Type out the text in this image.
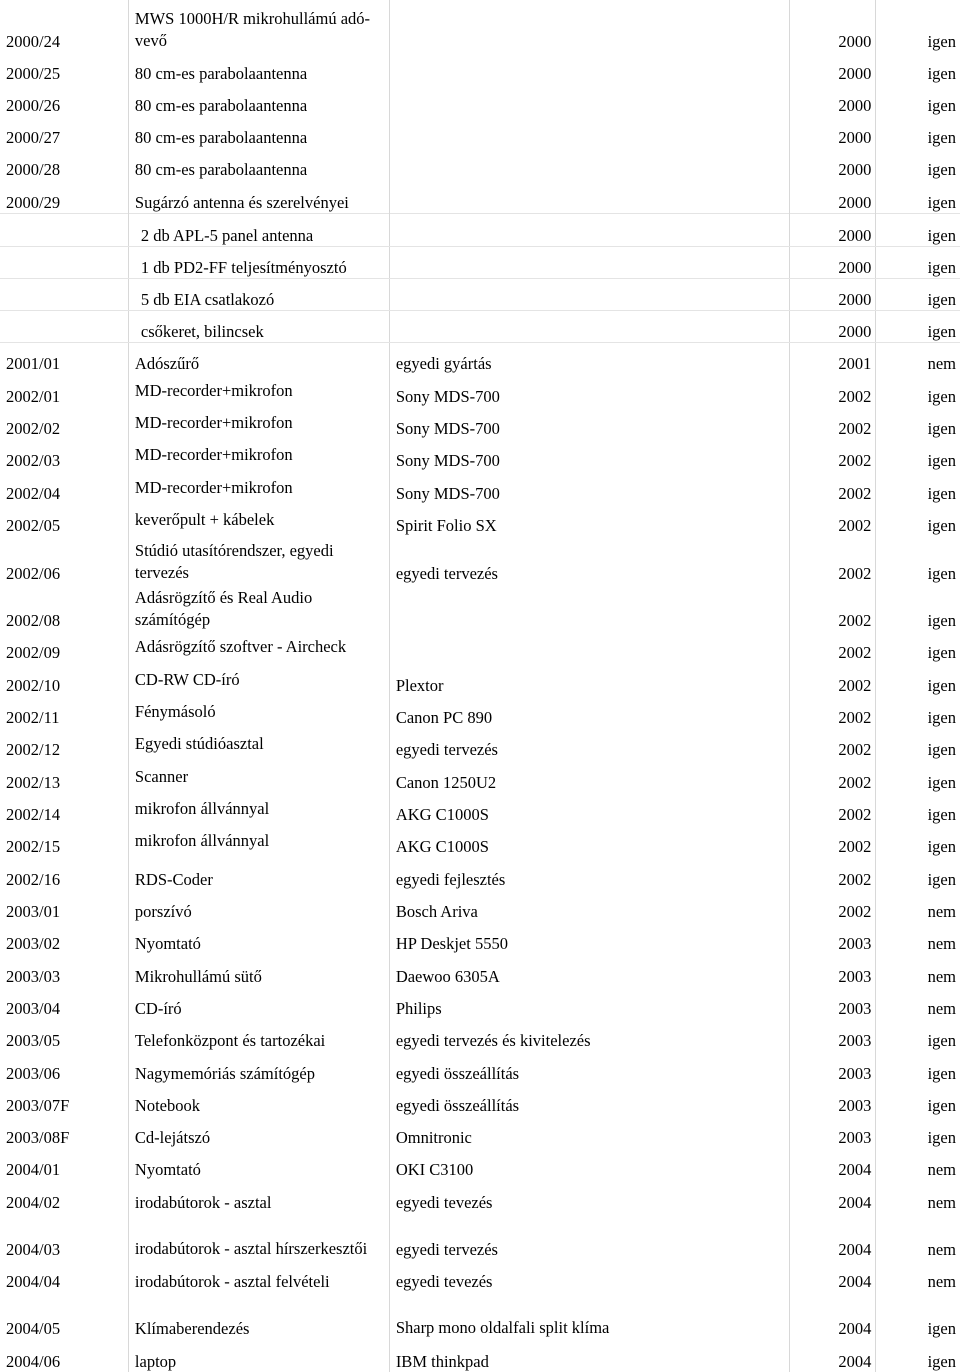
2000/24	MWS 1000H/R mikrohullámú adó-vevő		2000	igen
2000/25	80 cm-es parabolaantenna		2000	igen
2000/26	80 cm-es parabolaantenna		2000	igen
2000/27	80 cm-es parabolaantenna		2000	igen
2000/28	80 cm-es parabolaantenna		2000	igen
2000/29	Sugárzó antenna és szerelvényei		2000	igen
	2 db APL-5 panel antenna		2000	igen
	1 db PD2-FF teljesítményosztó		2000	igen
	5 db EIA csatlakozó		2000	igen
	csőkeret, bilincsek		2000	igen
2001/01	Adószűrő	egyedi gyártás	2001	nem
2002/01	MD-recorder+mikrofon	Sony MDS-700	2002	igen
2002/02	MD-recorder+mikrofon	Sony MDS-700	2002	igen
2002/03	MD-recorder+mikrofon	Sony MDS-700	2002	igen
2002/04	MD-recorder+mikrofon	Sony MDS-700	2002	igen
2002/05	keverőpult + kábelek	Spirit Folio SX	2002	igen
2002/06	Stúdió utasítórendszer, egyedi tervezés	egyedi tervezés	2002	igen
2002/08	Adásrögzítő és Real Audio számítógép		2002	igen
2002/09	Adásrögzítő szoftver - Aircheck		2002	igen
2002/10	CD-RW CD-író	Plextor	2002	igen
2002/11	Fénymásoló	Canon PC 890	2002	igen
2002/12	Egyedi stúdióasztal	egyedi tervezés	2002	igen
2002/13	Scanner	Canon 1250U2	2002	igen
2002/14	mikrofon állvánnyal	AKG C1000S	2002	igen
2002/15	mikrofon állvánnyal	AKG C1000S	2002	igen
2002/16	RDS-Coder	egyedi fejlesztés	2002	igen
2003/01	porszívó	Bosch Ariva	2002	nem
2003/02	Nyomtató	HP Deskjet 5550	2003	nem
2003/03	Mikrohullámú sütő	Daewoo 6305A	2003	nem
2003/04	CD-író	Philips	2003	nem
2003/05	Telefonközpont és tartozékai	egyedi tervezés és kivitelezés	2003	igen
2003/06	Nagymemóriás számítógép	egyedi összeállítás	2003	igen
2003/07F	Notebook	egyedi összeállítás	2003	igen
2003/08F	Cd-lejátszó	Omnitronic	2003	igen
2004/01	Nyomtató	OKI C3100	2004	nem
2004/02	irodabútorok - asztal	egyedi tevezés	2004	nem
2004/03	irodabútorok - asztal hírszerkesztői	egyedi tervezés	2004	nem
2004/04	irodabútorok - asztal felvételi	egyedi tevezés	2004	nem
2004/05	Klímaberendezés	Sharp mono oldalfali split klíma	2004	igen
2004/06	laptop	IBM thinkpad	2004	igen
